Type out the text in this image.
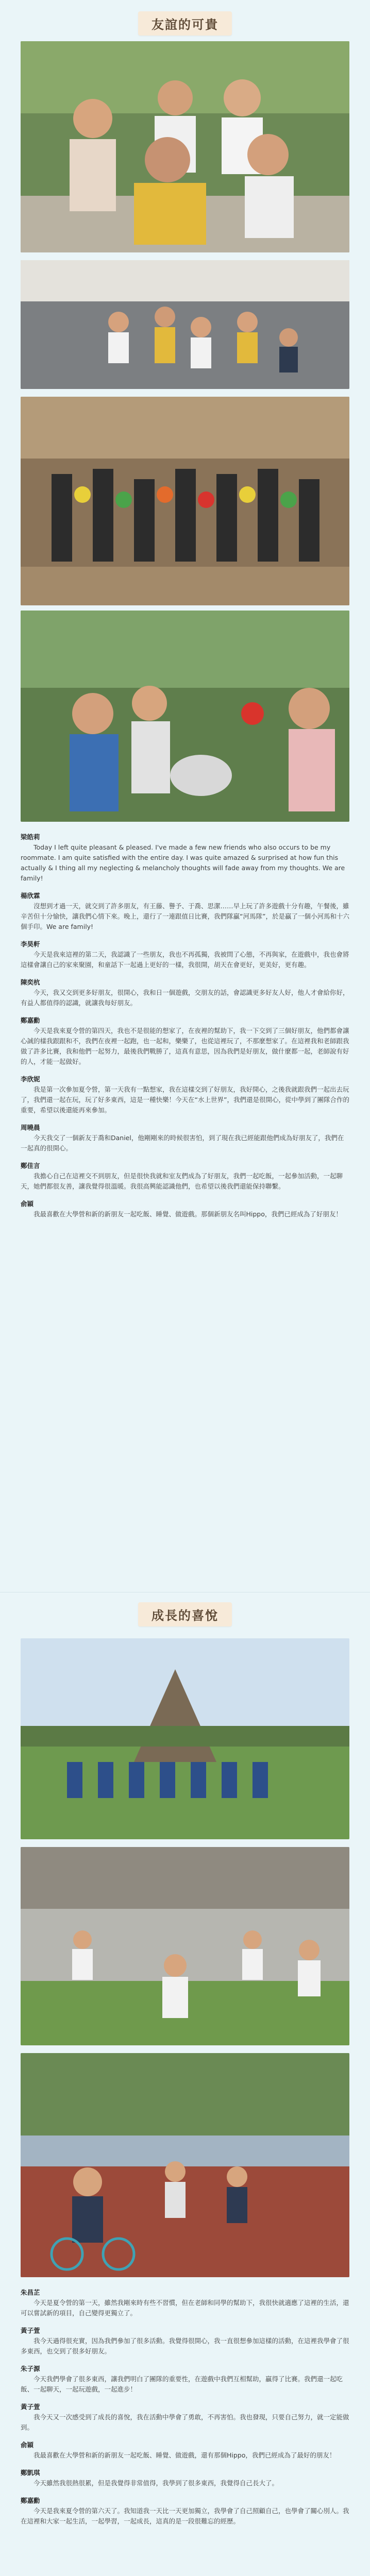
友誼的可貴
梁皓莉
Today I left quite pleasant & pleased. I've made a few new friends who also occurs to be my roommate. I am quite satisfied with the entire day. I was quite amazed & surprised at how fun this actually & I thing all my neglecting & melancholy thoughts will fade away from my thoughts. We are family!
楊欣霖
沒想到才過一天，就交到了許多朋友，有王藤、譽予、于喬、思潔……早上玩了許多遊戲十分有趣，午餐後，雖辛苦但十分愉快，讓我們心情下來。晚上，還行了一連跟值日比賽，我們隊贏“河馬隊”，於是贏了一個小河馬和十六個手印。We are family!
李昊軒
今天是我來這裡的第二天，我認識了一些朋友，我也不再孤獨，我被問了心態，不再與家，在遊戲中，我也會將這樣會讓自己的家來聚園，和童話下一起過上更好的一樣，我很開，胡天在會更好，更美好，更有趣。
陳奕杭
今天，我又交到更多好朋友，很開心，我和日一個遊戲，交朋友的話，會認識更多好友人好，他人才會給你好，有益人都值得的認識，就讓我每好朋友。
鄭嘉勳
今天是我來夏令營的第四天，我也不是很能的想家了，在夜裡的幫助下，我一下交到了三個好朋友，他們都會讓心誠的樣我跟跟和不，我們在夜裡一起跑，也一起和，樂樂了，也從這裡玩了，不那麼想家了。在這裡我和老師跟我做了許多比賽，我和他們一起努力，最後我們戰勝了，這真有意思，因為我們是好朋友，做什麼都一起，老師說有好的人，才能一起做好。
李欣妮
我是第一次參加夏令營，第一天我有一點想家，我在這樣交到了好朋友，我好開心，之後我就跟我們一起出去玩了，我們還一起在玩，玩了好多東西，這是一種快樂！今天在“水上世界”，我們還是很開心，從中學到了團隊合作的重要，希望以後還能再來參加。
周曉晨
今天我交了一個新友于喬和Daniel，他剛剛來的時候很害怕，到了現在我已經能跟他們成為好朋友了，我們在一起真的很開心。
鄭佳言
我擔心自己在這裡交不到朋友，但是很快我就和室友們成為了好朋友，我們一起吃飯，一起參加活動，一起聊天，她們都很友善，讓我覺得很溫暖。我很高興能認識他們，也希望以後我們還能保持聯繫。
俞穎
我最喜歡在大學營和新的新朋友一起吃飯、睡覺、做遊戲。那個新朋友名叫Hippo，我們已經成為了好朋友！
成長的喜悅
朱昌芷
今天是夏令營的第一天，雖然我剛來時有些不習慣，但在老師和同學的幫助下，我很快就適應了這裡的生活，還可以嘗試新的項目，自己變得更獨立了。
黃子萱
我今天過得很充實，因為我們參加了很多活動。我覺得很開心，我一直很想參加這樣的活動，在這裡我學會了很多東西，也交到了很多好朋友。
朱子源
今天我們學會了很多東西，讓我們明白了團隊的重要性，在遊戲中我們互相幫助，贏得了比賽。我們還一起吃飯、一起聊天，一起玩遊戲，一起進步！
黃子萱
我今天又一次感受到了成長的喜悅，我在活動中學會了勇敢，不再害怕。我也發現，只要自己努力，就一定能做到。
俞穎
我最喜歡在大學營和新的新朋友一起吃飯、睡覺、做遊戲，還有那個Hippo，我們已經成為了最好的朋友！
鄭凱琪
今天雖然我很熱很累，但是我覺得非常值得，我學到了很多東西，我覺得自己長大了。
鄭嘉勳
今天是我來夏令營的第六天了。我知道我一天比一天更加獨立，我學會了自己照顧自己，也學會了關心別人。我在這裡和大家一起生活，一起學習，一起成長，這真的是一段很難忘的經歷。
